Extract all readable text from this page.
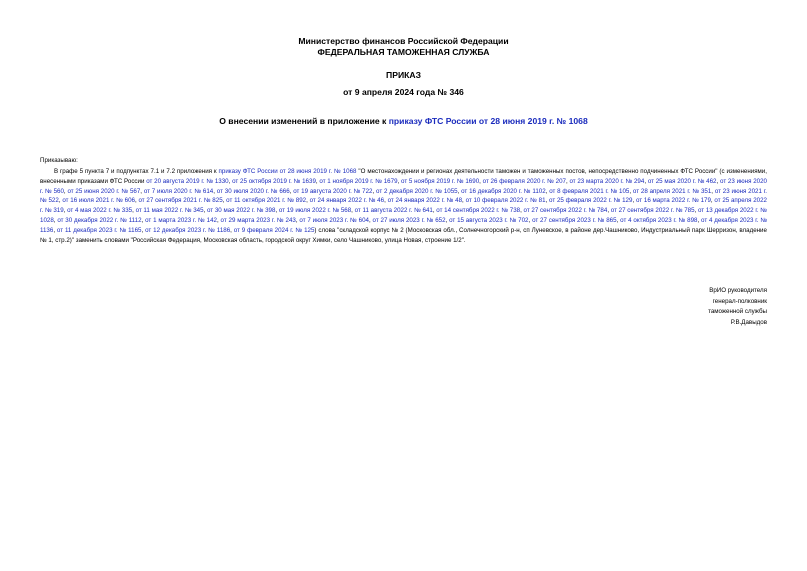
Министерство финансов Российской Федерации
ФЕДЕРАЛЬНАЯ ТАМОЖЕННАЯ СЛУЖБА
ПРИКАЗ
от 9 апреля 2024 года № 346
О внесении изменений в приложение к приказу ФТС России от 28 июня 2019 г. № 1068
Приказываю:
В графе 5 пункта 7 и подпунктах 7.1 и 7.2 приложения к приказу ФТС России от 28 июня 2019 г. № 1068 "О местонахождении и регионах деятельности таможен и таможенных постов, непосредственно подчиненных ФТС России" (с изменениями, внесенными приказами ФТС России от 20 августа 2019 г. № 1330, от 25 октября 2019 г. № 1639, от 1 ноября 2019 г. № 1679, от 5 ноября 2019 г. № 1690, от 26 февраля 2020 г. № 207, от 23 марта 2020 г. № 294, от 25 мая 2020 г. № 462, от 23 июня 2020 г. № 560, от 25 июня 2020 г. № 567, от 7 июля 2020 г. № 614, от 30 июля 2020 г. № 666, от 19 августа 2020 г. № 722, от 2 декабря 2020 г. № 1055, от 16 декабря 2020 г. № 1102, от 8 февраля 2021 г. № 105, от 28 апреля 2021 г. № 351, от 23 июня 2021 г. № 522, от 16 июля 2021 г. № 606, от 27 сентября 2021 г. № 825, от 11 октября 2021 г. № 892, от 24 января 2022 г. № 46, от 24 января 2022 г. № 48, от 10 февраля 2022 г. № 81, от 25 февраля 2022 г. № 129, от 16 марта 2022 г. № 179, от 25 апреля 2022 г. № 319, от 4 мая 2022 г. № 335, от 11 мая 2022 г. № 345, от 30 мая 2022 г. № 398, от 19 июля 2022 г. № 568, от 11 августа 2022 г. № 641, от 14 сентября 2022 г. № 738, от 27 сентября 2022 г. № 784, от 27 сентября 2022 г. № 785, от 13 декабря 2022 г. № 1028, от 30 декабря 2022 г. № 1112, от 1 марта 2023 г. № 142, от 29 марта 2023 г. № 243, от 7 июля 2023 г. № 604, от 27 июля 2023 г. № 652, от 15 августа 2023 г. № 702, от 27 сентября 2023 г. № 865, от 4 октября 2023 г. № 898, от 4 декабря 2023 г. № 1136, от 11 декабря 2023 г. № 1165, от 12 декабря 2023 г. № 1186, от 9 февраля 2024 г. № 125) слова "складской корпус № 2 (Московская обл., Солнечногорский р-н, сп Луневское, в районе дер.Чашниково, Индустриальный парк Шерризон, владение № 1, стр.2)" заменить словами "Российская Федерация, Московская область, городской округ Химки, село Чашниково, улица Новая, строение 1/2".
ВрИО руководителя
генерал-полковник
таможенной службы
Р.В.Давыдов
